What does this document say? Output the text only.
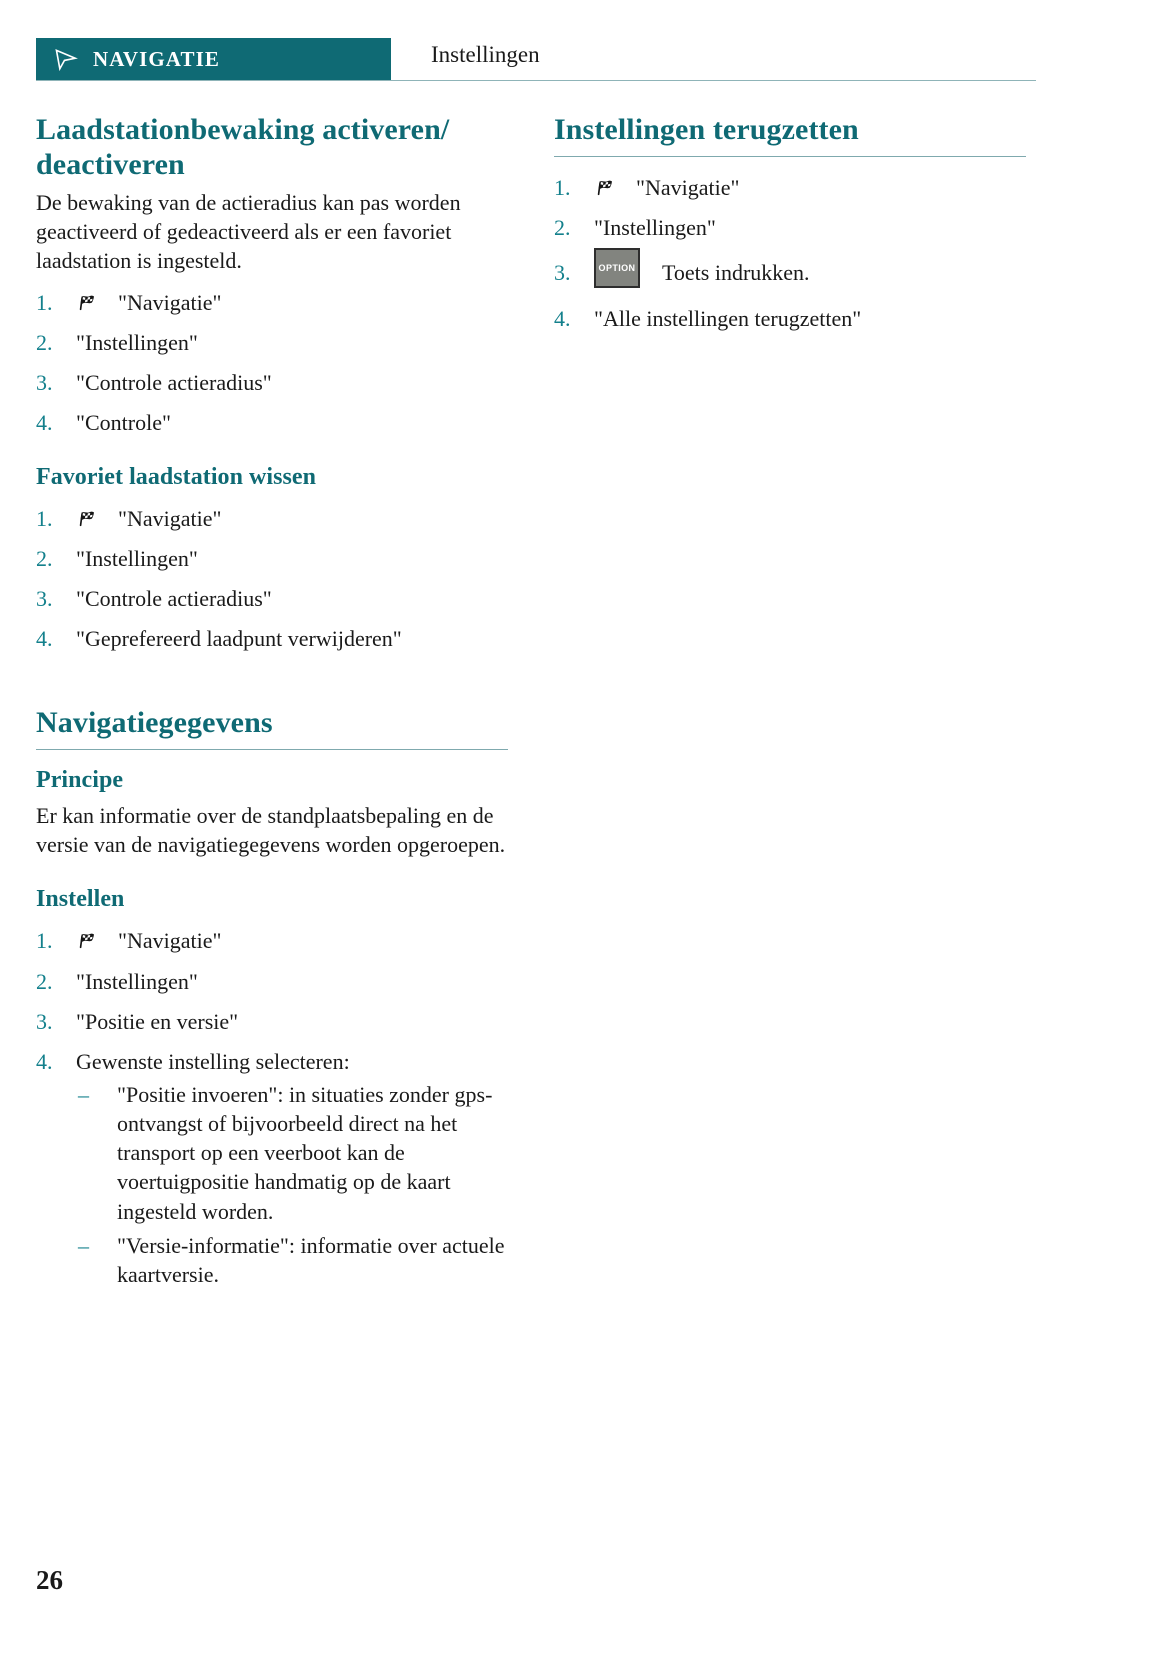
NAVIGATIE	Instellingen
Laadstationbewaking activeren/ deactiveren

De bewaking van de actieradius kan pas worden geactiveerd of gedeactiveerd als er een favoriet laadstation is ingesteld.

1.	"Navigatie"
2.	"Instellingen"
3.	"Controle actieradius"
4.	"Controle"
Favoriet laadstation wissen
1.	"Navigatie"
2.	"Instellingen"
3.	"Controle actieradius"
4.	"Geprefereerd laadpunt verwijderen"
Navigatiegegevens
Principe

Er kan informatie over de standplaatsbepaling en de versie van de navigatiegegevens worden opgeroepen.

Instellen
1.	"Navigatie"
2.	"Instellingen"
3.	"Positie en versie"
4.	Gewenste instelling selecteren:
–	"Positie invoeren": in situaties zonder gps-ontvangst of bijvoorbeeld direct na het transport op een veerboot kan de voertuigpositie handmatig op de kaart ingesteld worden.
–	"Versie-informatie": informatie over actuele kaartversie.
Instellingen terugzetten
1.	"Navigatie"
2.	"Instellingen"
3.	OPTION Toets indrukken.
4.	"Alle instellingen terugzetten"
26
